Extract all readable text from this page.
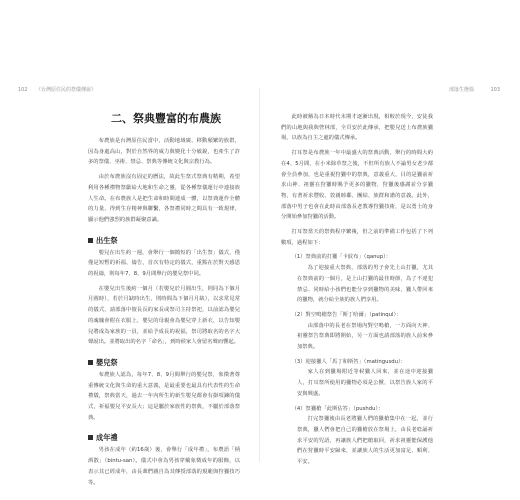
102 《台灣原住民的祭儀傳說》	部落生態篇	103
二、祭典豐富的布農族

布農族是台灣原住民當中，活動地域廣、移動頻繁的族群，因為身處高山，對於自然界的威力與變化十分敏銳，也產生了許多的祭儀、巫術、禁忌、祭典等傳統文化與宗教行為。

由於布農族沒有固定的曆法，故此生祭式祭典有精期，希望利用各種禮物祭獻給大地和生命之靈，從各種祭儀運行中連接族人生命。在布農族人是把生命和時間連成一體，以祭典運作全體的力量，得到生存精神與聯繫，各祭禮同時之間具有一致規律，顯示他們強烈的族群凝聚意識。

出生祭

嬰兒在出生約一週，會舉行一個簡短的「出生祭」儀式，僅僅是短暫的祈福、禱告，首次有特定的儀式，重點在於對天感恩的祝禱，則每年7、8、9月間舉行的嬰兒祭中同。

在嬰兒出生後約一個月（若嬰兒於月圓出生，則同為下個月月圓時），若於月缺時出生，則時間為下個月月缺），以求常見常的儀式，請部落中擅長長的家長或祭司主持祭祀，以前認為嬰兒的魂魄會附在衣服上，嬰兒的母親會為嬰兒穿上新衣，以告知嬰兒將成為家族的一員，並給予成長的祝福，祭司將取名的名字大聲說出。並將取出的名字「命名」，到時候家人會留名聲而響起。

嬰兒祭

布農族人認為，每年7、8、9月間舉行的嬰兒祭，象徵著尊重傳統文化與生命的重大意義，是最重要也最具有代表性的生命禮儀，祭典當天，過去一年內所生的新生嬰兒都會有掛項鍊的儀式，祈福嬰兒平安長大；這是屬於家族性的祭典，不屬於部落祭典。

成年禮

男孩在成年（約16歲）後，會舉行「成年禮」，布農語「柄酒散」（bintu-san）。儀式中會為男孩穿戴象徵成年的服飾，以表示其已經成年，由長輩們親自為其傳授部落的規範與狩獵技巧等。

此時被稱為日本時代末期才逐漸出現，相較於現今，安徒我們的山地與我與營林部，全頁安於此傳承，把嬰兒送上布農族獵場，以族為自主之處的儀式傳承。

打耳祭是布農族一年中最盛大的祭典活動，舉行的時間大約在4、5月間，在小米除草祭之後，不但所有族人不論男女老少都會全員參加，也是重視狩獵中的祭典，意義重大，目的是獵前祈求山神、祖靈在狩獵時賜予更多的獵物，狩獵後感謝並分享獵物，有著祈求豐收、敦親睦鄰、團結、族群和諧的意義。此外，部落中男子也會在此時由部落長老教導狩獵技術，是以勇士的身分開始參加狩獵的活動。

打耳祭當天的祭典程序繁複，但之前的準備工作包括了下列數項，過程如下：

（1）祭典前的打獵「卡紋布」（qanup）：

為了迎接重大祭典，部落的男子會先上山打獵，尤其在祭典前的一個月，是上山打獵的最佳時節，為了不違犯禁忌、同時給小孩們也能分享到獵物的美味，獵人帶回來的獵物，就分給全族的族人們享用。

（2）對空鳴槍祭告「斯丁哈爾」（patinqul）：

由部落中的長老在祭場內對空鳴槍，一方面向天神、祖靈祭告祭典即將開始，另一方面也請部落的族人前來參加祭典。

（3）迎接獵人「馬丁和斯答」（matingusdu）：

家人在到獵場附近等候獵人回來，並在途中迎接獵人，打耳祭所使用的獵物必須是公獸，以祭告族人家的平安與興盛。

（4）祭獵槍「此斯估答」（pushdu）：

打完祭獵後由長老將獵人們的獵槍集中在一起，並行祭典，獵人們會把自己的獵槍放在祭場上，由長老唸誦祈求平安的咒語，再讓族人們把槍取回，祈求祖靈能保護他們在狩獵時平安歸來，並讓族人的生活更加富足、順利、平安。
